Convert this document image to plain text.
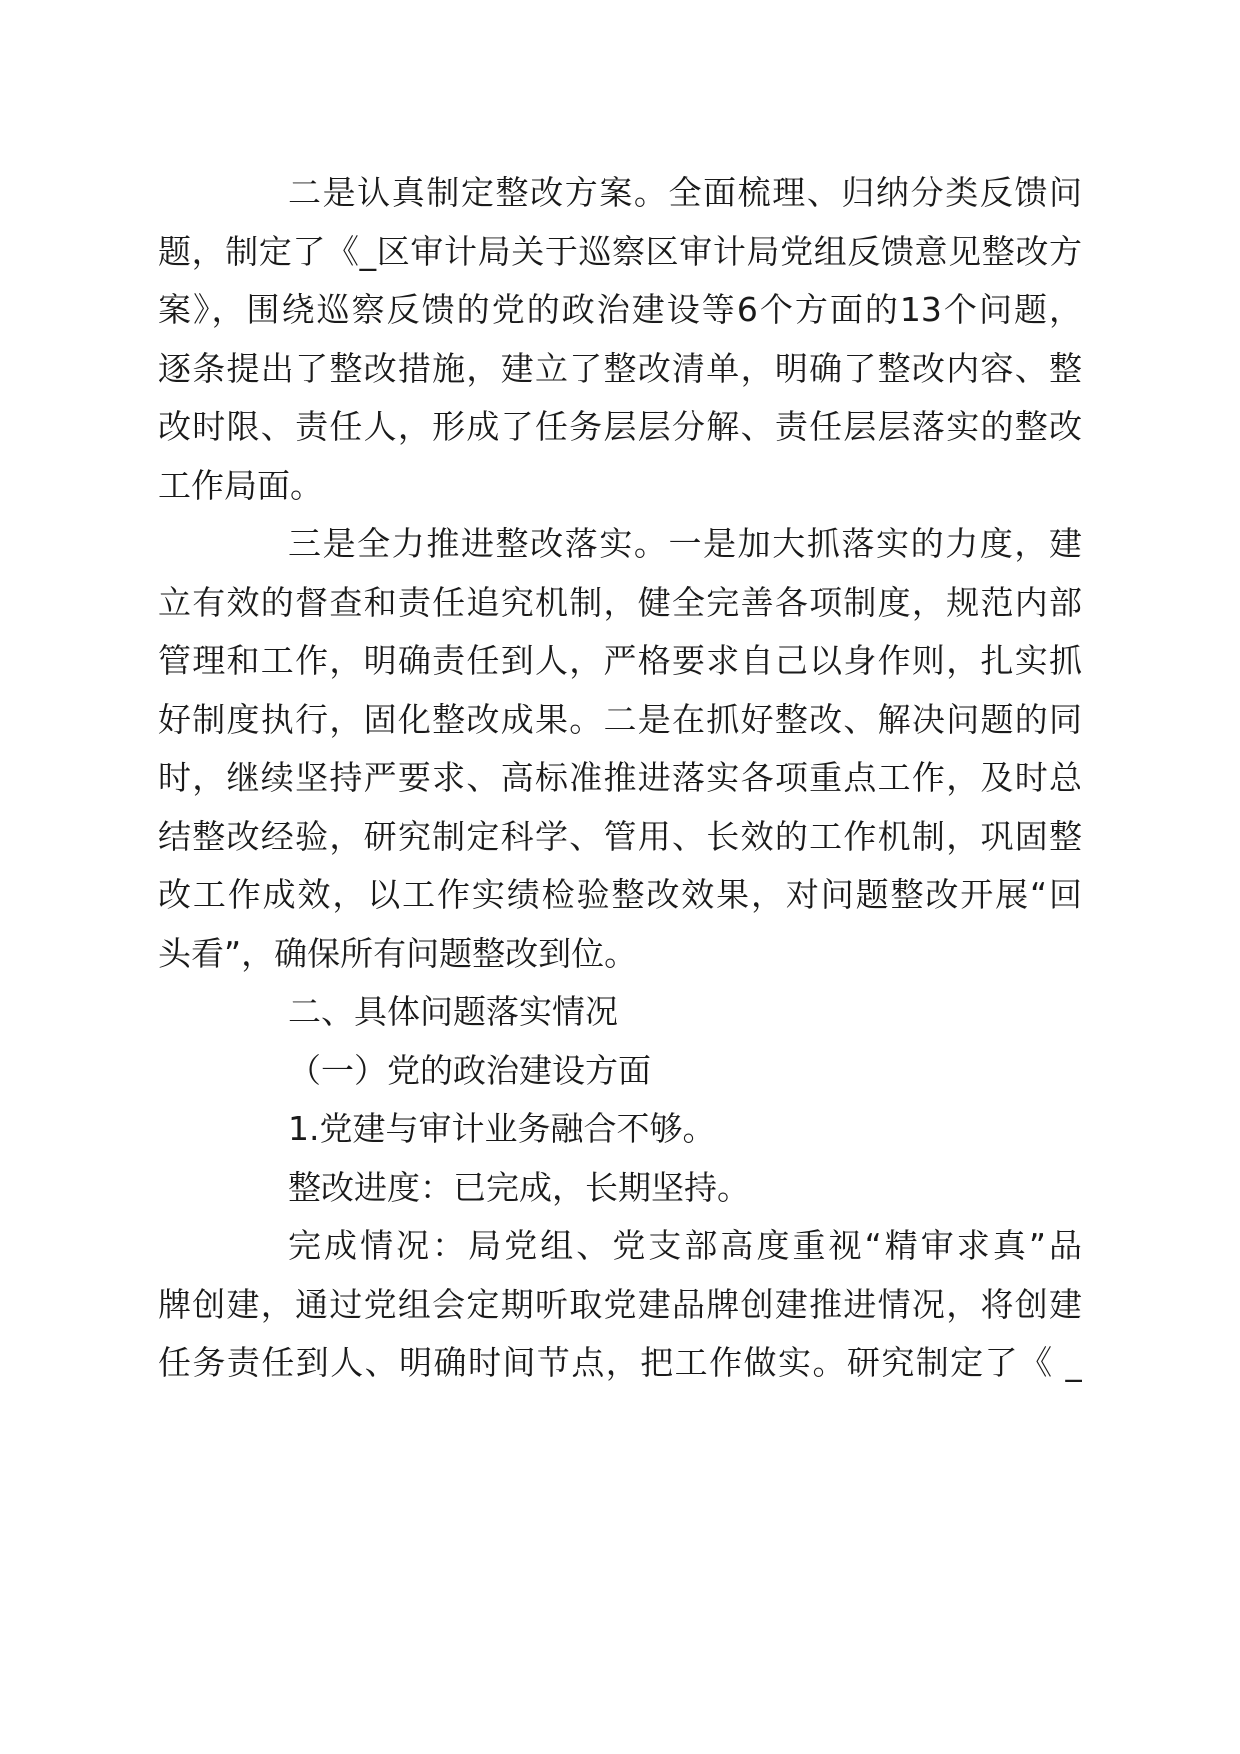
二是认真制定整改方案。全面梳理、归纳分类反馈问
题，制定了《_区审计局关于巡察区审计局党组反馈意见整改方
案》，围绕巡察反馈的党的政治建设等6个方面的13个问题，
逐条提出了整改措施，建立了整改清单，明确了整改内容、整
改时限、责任人，形成了任务层层分解、责任层层落实的整改
工作局面。
三是全力推进整改落实。一是加大抓落实的力度，建
立有效的督查和责任追究机制，健全完善各项制度，规范内部
管理和工作，明确责任到人，严格要求自己以身作则，扎实抓
好制度执行，固化整改成果。二是在抓好整改、解决问题的同
时，继续坚持严要求、高标准推进落实各项重点工作，及时总
结整改经验，研究制定科学、管用、长效的工作机制，巩固整
改工作成效，以工作实绩检验整改效果，对问题整改开展“回
头看”，确保所有问题整改到位。
二、具体问题落实情况
（一）党的政治建设方面
1.党建与审计业务融合不够。
整改进度：已完成，长期坚持。
完成情况：局党组、党支部高度重视“精审求真”品
牌创建，通过党组会定期听取党建品牌创建推进情况，将创建
任务责任到人、明确时间节点，把工作做实。研究制定了《 _
